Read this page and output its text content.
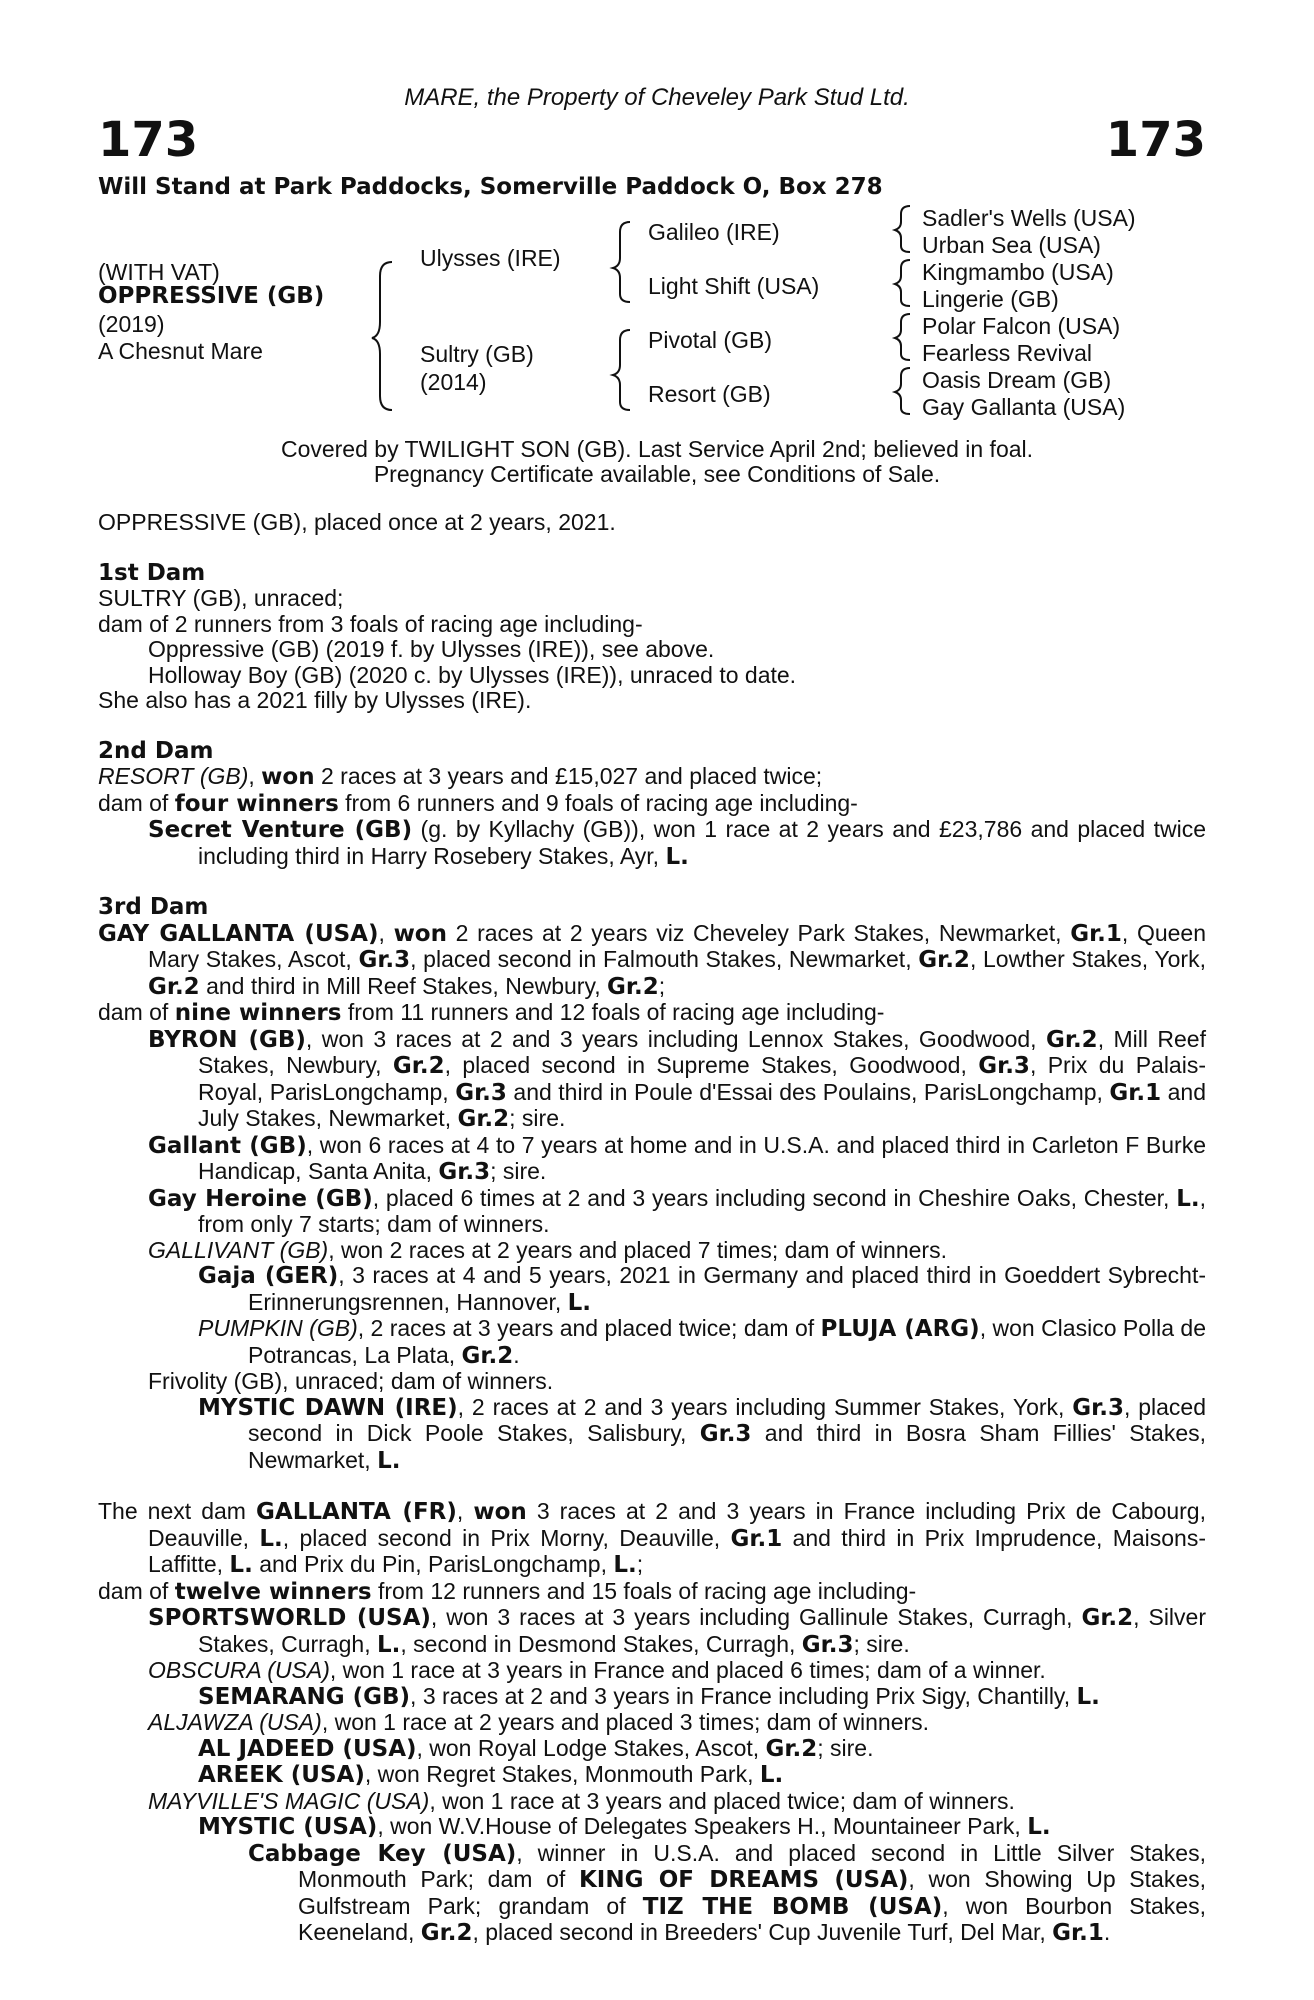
MARE, the Property of Cheveley Park Stud Ltd.
173	173
Will Stand at Park Paddocks, Somerville Paddock O, Box 278
(WITH VAT)
OPPRESSIVE (GB)
(2019)
A Chesnut Mare
Ulysses (IRE)
Sultry (GB)
(2014)
Galileo (IRE)
Light Shift (USA)
Pivotal (GB)
Resort (GB)
Sadler's Wells (USA)
Urban Sea (USA)
Kingmambo (USA)
Lingerie (GB)
Polar Falcon (USA)
Fearless Revival
Oasis Dream (GB)
Gay Gallanta (USA)
Covered by TWILIGHT SON (GB). Last Service April 2nd; believed in foal.
Pregnancy Certificate available, see Conditions of Sale.

OPPRESSIVE (GB), placed once at 2 years, 2021.

1st Dam

SULTRY (GB), unraced;

dam of 2 runners from 3 foals of racing age including-

Oppressive (GB) (2019 f. by Ulysses (IRE)), see above.

Holloway Boy (GB) (2020 c. by Ulysses (IRE)), unraced to date.

She also has a 2021 filly by Ulysses (IRE).

2nd Dam

RESORT (GB), won 2 races at 3 years and £15,027 and placed twice;

dam of four winners from 6 runners and 9 foals of racing age including-

Secret Venture (GB) (g. by Kyllachy (GB)), won 1 race at 2 years and £23,786 and placed twice including third in Harry Rosebery Stakes, Ayr, L.

3rd Dam

GAY GALLANTA (USA), won 2 races at 2 years viz Cheveley Park Stakes, Newmarket, Gr.1, Queen Mary Stakes, Ascot, Gr.3, placed second in Falmouth Stakes, Newmarket, Gr.2, Lowther Stakes, York, Gr.2 and third in Mill Reef Stakes, Newbury, Gr.2;

dam of nine winners from 11 runners and 12 foals of racing age including-

BYRON (GB), won 3 races at 2 and 3 years including Lennox Stakes, Goodwood, Gr.2, Mill Reef Stakes, Newbury, Gr.2, placed second in Supreme Stakes, Goodwood, Gr.3, Prix du Palais-Royal, ParisLongchamp, Gr.3 and third in Poule d'Essai des Poulains, ParisLongchamp, Gr.1 and July Stakes, Newmarket, Gr.2; sire.

Gallant (GB), won 6 races at 4 to 7 years at home and in U.S.A. and placed third in Carleton F Burke Handicap, Santa Anita, Gr.3; sire.

Gay Heroine (GB), placed 6 times at 2 and 3 years including second in Cheshire Oaks, Chester, L., from only 7 starts; dam of winners.

GALLIVANT (GB), won 2 races at 2 years and placed 7 times; dam of winners.

Gaja (GER), 3 races at 4 and 5 years, 2021 in Germany and placed third in Goeddert Sybrecht-Erinnerungsrennen, Hannover, L.

PUMPKIN (GB), 2 races at 3 years and placed twice; dam of PLUJA (ARG), won Clasico Polla de Potrancas, La Plata, Gr.2.

Frivolity (GB), unraced; dam of winners.

MYSTIC DAWN (IRE), 2 races at 2 and 3 years including Summer Stakes, York, Gr.3, placed second in Dick Poole Stakes, Salisbury, Gr.3 and third in Bosra Sham Fillies' Stakes, Newmarket, L.

The next dam GALLANTA (FR), won 3 races at 2 and 3 years in France including Prix de Cabourg, Deauville, L., placed second in Prix Morny, Deauville, Gr.1 and third in Prix Imprudence, Maisons-Laffitte, L. and Prix du Pin, ParisLongchamp, L.;

dam of twelve winners from 12 runners and 15 foals of racing age including-

SPORTSWORLD (USA), won 3 races at 3 years including Gallinule Stakes, Curragh, Gr.2, Silver Stakes, Curragh, L., second in Desmond Stakes, Curragh, Gr.3; sire.

OBSCURA (USA), won 1 race at 3 years in France and placed 6 times; dam of a winner.

SEMARANG (GB), 3 races at 2 and 3 years in France including Prix Sigy, Chantilly, L.

ALJAWZA (USA), won 1 race at 2 years and placed 3 times; dam of winners.

AL JADEED (USA), won Royal Lodge Stakes, Ascot, Gr.2; sire.

AREEK (USA), won Regret Stakes, Monmouth Park, L.

MAYVILLE'S MAGIC (USA), won 1 race at 3 years and placed twice; dam of winners.

MYSTIC (USA), won W.V.House of Delegates Speakers H., Mountaineer Park, L.

Cabbage Key (USA), winner in U.S.A. and placed second in Little Silver Stakes, Monmouth Park; dam of KING OF DREAMS (USA), won Showing Up Stakes, Gulfstream Park; grandam of TIZ THE BOMB (USA), won Bourbon Stakes, Keeneland, Gr.2, placed second in Breeders' Cup Juvenile Turf, Del Mar, Gr.1.
